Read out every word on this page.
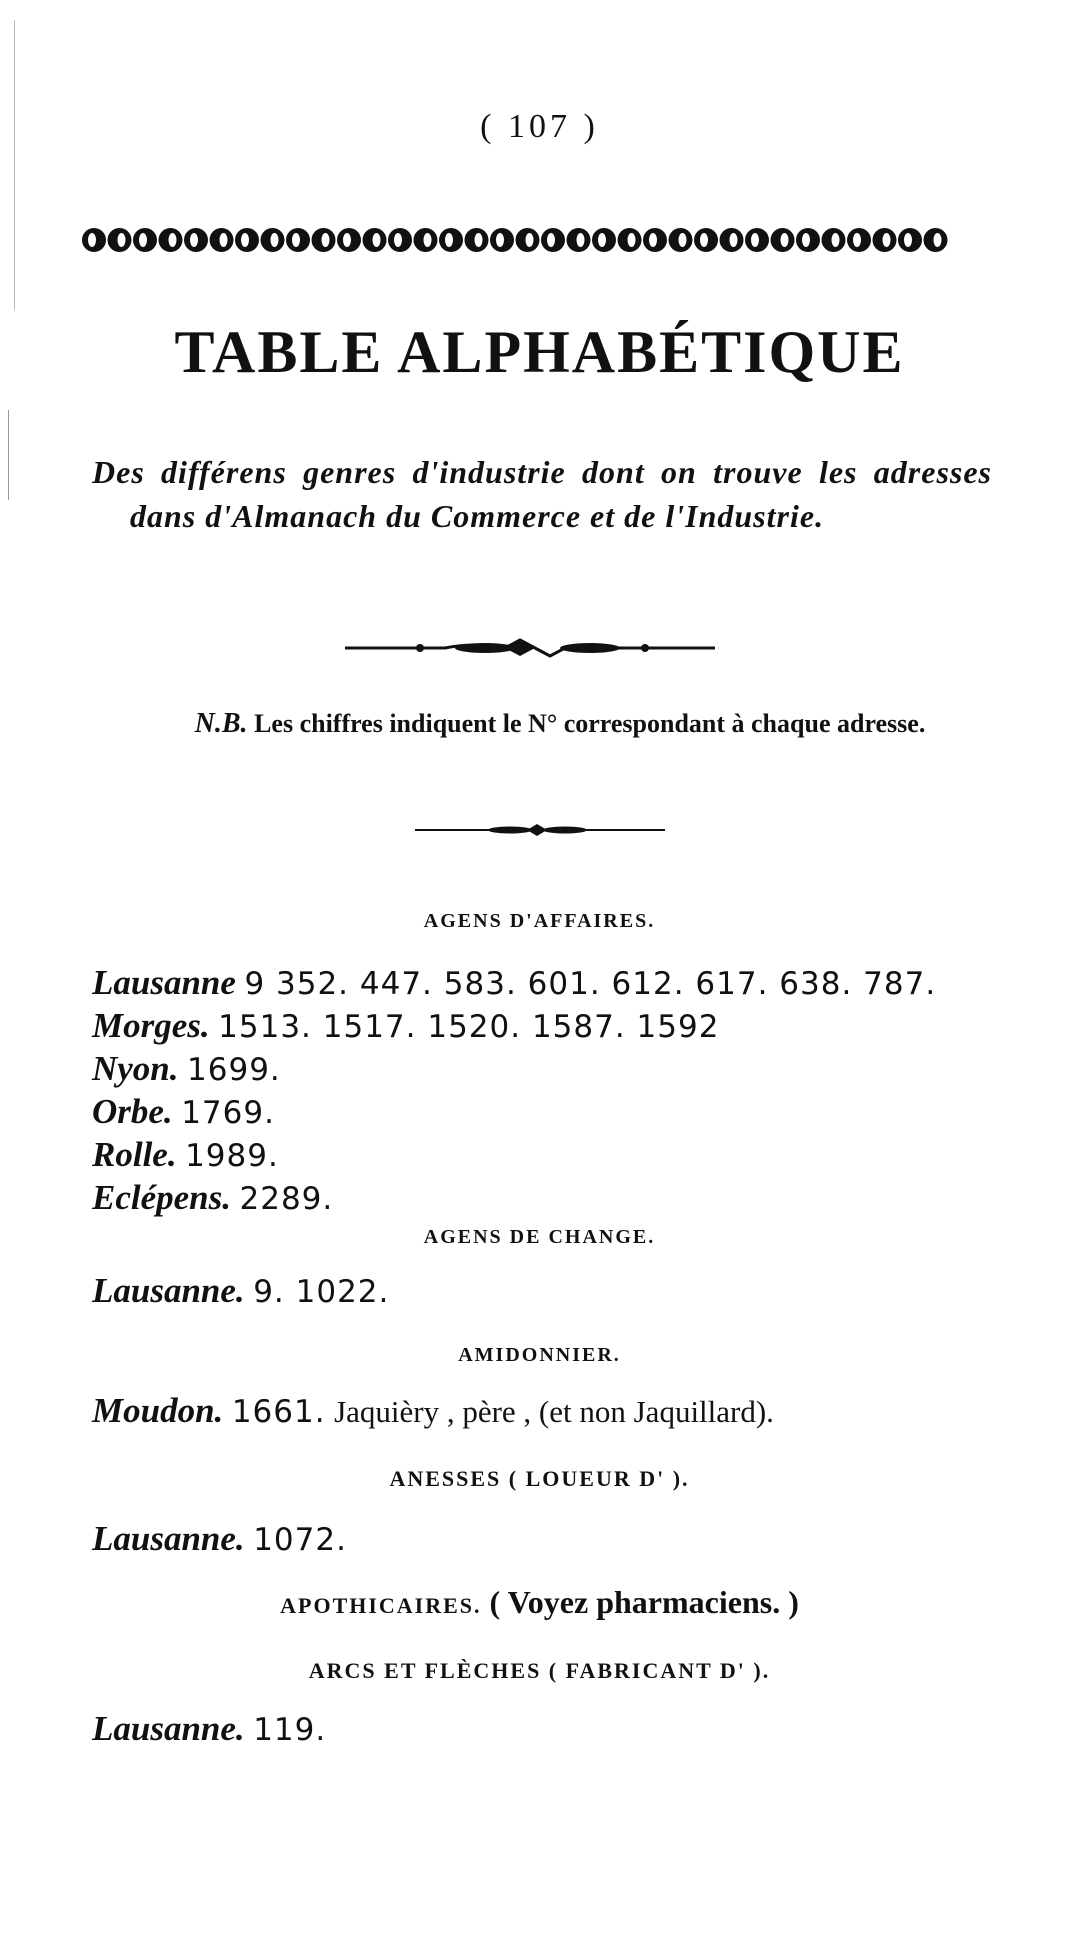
( 107 )
TABLE ALPHABÉTIQUE
Des différens genres d'industrie dont on trouve les adresses dans d'Almanach du Commerce et de l'Industrie.
N.B. Les chiffres indiquent le N° correspondant à chaque adresse.
AGENS D'AFFAIRES.
Lausanne 9 352. 447. 583. 601. 612. 617. 638. 787.
Morges. 1513. 1517. 1520. 1587. 1592
Nyon. 1699.
Orbe. 1769.
Rolle. 1989.
Eclépens. 2289.
AGENS DE CHANGE.
Lausanne. 9. 1022.
AMIDONNIER.
Moudon. 1661. Jaquièry , père , (et non Jaquillard).
ANESSES ( LOUEUR D' ).
Lausanne. 1072.
APOTHICAIRES. ( Voyez pharmaciens. )
ARCS ET FLÈCHES ( FABRICANT D' ).
Lausanne. 119.
